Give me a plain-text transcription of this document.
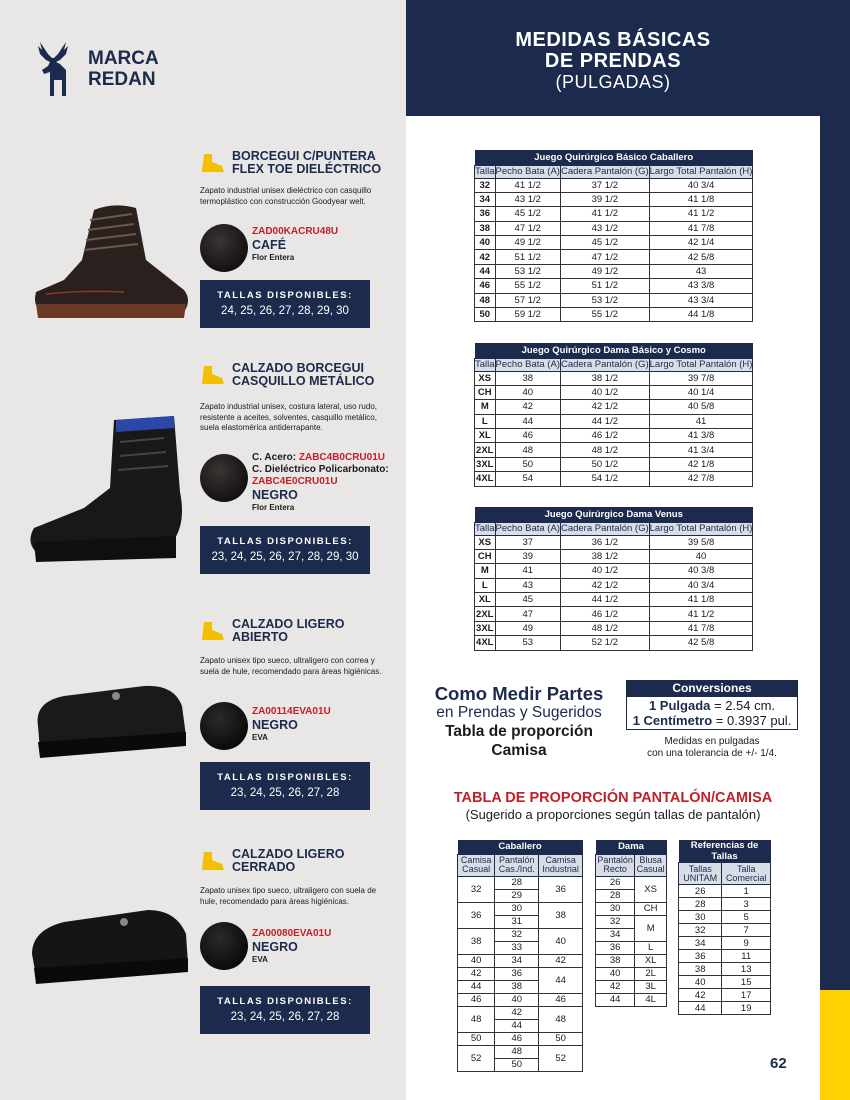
MARCA
REDAN
MEDIDAS BÁSICAS
DE PRENDAS
(PULGADAS)
BORCEGUI C/PUNTERA
FLEX TOE DIELÉCTRICO
Zapato industrial unisex dieléctrico con casquillo termoplástico con construcción Goodyear welt.
ZAD00KACRU48U
CAFÉ
Flor Entera
TALLAS DISPONIBLES:
24, 25, 26, 27, 28, 29, 30
CALZADO BORCEGUI
CASQUILLO METÁLICO
Zapato industrial unisex, costura lateral, uso rudo, resistente a aceites, solventes, casquillo metálico, suela elastomérica antiderrapante.
C. Acero: ZABC4B0CRU01U
C. Dieléctrico Policarbonato:
ZABC4E0CRU01U
NEGRO
Flor Entera
TALLAS DISPONIBLES:
23, 24, 25, 26, 27, 28, 29, 30
CALZADO LIGERO
ABIERTO
Zapato unisex tipo sueco, ultraligero con correa y suela de hule, recomendado para áreas higiénicas.
ZA00114EVA01U
NEGRO
EVA
TALLAS DISPONIBLES:
23, 24, 25, 26, 27, 28
CALZADO LIGERO
CERRADO
Zapato unisex tipo sueco, ultraligero con suela de hule, recomendado para áreas higiénicas.
ZA00080EVA01U
NEGRO
EVA
TALLAS DISPONIBLES:
23, 24, 25, 26, 27, 28
Juego Quirúrgico Básico Caballero			
Talla	Pecho Bata (A)	Cadera Pantalón (G)	Largo Total Pantalón (H)
32	41 1/2	37 1/2	40 3/4
34	43 1/2	39 1/2	41 1/8
36	45 1/2	41 1/2	41 1/2
38	47 1/2	43 1/2	41 7/8
40	49 1/2	45 1/2	42 1/4
42	51 1/2	47 1/2	42 5/8
44	53 1/2	49 1/2	43
46	55 1/2	51 1/2	43 3/8
48	57 1/2	53 1/2	43 3/4
50	59 1/2	55 1/2	44 1/8
Juego Quirúrgico Dama Básico y Cosmo			
Talla	Pecho Bata (A)	Cadera Pantalón (G)	Largo Total Pantalón (H)
XS	38	38 1/2	39 7/8
CH	40	40 1/2	40 1/4
M	42	42 1/2	40 5/8
L	44	44 1/2	41
XL	46	46 1/2	41 3/8
2XL	48	48 1/2	41 3/4
3XL	50	50 1/2	42 1/8
4XL	54	54 1/2	42 7/8
Juego Quirúrgico Dama Venus			
Talla	Pecho Bata (A)	Cadera Pantalón (G)	Largo Total Pantalón (H)
XS	37	36 1/2	39 5/8
CH	39	38 1/2	40
M	41	40 1/2	40 3/8
L	43	42 1/2	40 3/4
XL	45	44 1/2	41 1/8
2XL	47	46 1/2	41 1/2
3XL	49	48 1/2	41 7/8
4XL	53	52 1/2	42 5/8
Como Medir Partes
en Prendas y Sugeridos
Tabla de proporción
Camisa
Conversiones
1 Pulgada = 2.54 cm.
1 Centímetro = 0.3937 pul.
Medidas en pulgadas
con una tolerancia de +/- 1/4.
TABLA DE PROPORCIÓN PANTALÓN/CAMISA
(Sugerido a proporciones según tallas de pantalón)
Caballero		
Camisa Casual	Pantalón Cas./Ind.	Camisa Industrial
32	28	36
	29	
36	30	38
	31	
38	32	40
	33	
40	34	42
42	36	44
44	38	
46	40	46
48	42	48
	44	
50	46	50
52	48	52
	50	
Dama	
Pantalón Recto	Blusa Casual
26	XS
28	
30	CH
32	M
34	
36	L
38	XL
40	2L
42	3L
44	4L
Referencias de Tallas	
Tallas UNITAM	Talla Comercial
26	1
28	3
30	5
32	7
34	9
36	11
38	13
40	15
42	17
44	19
62
